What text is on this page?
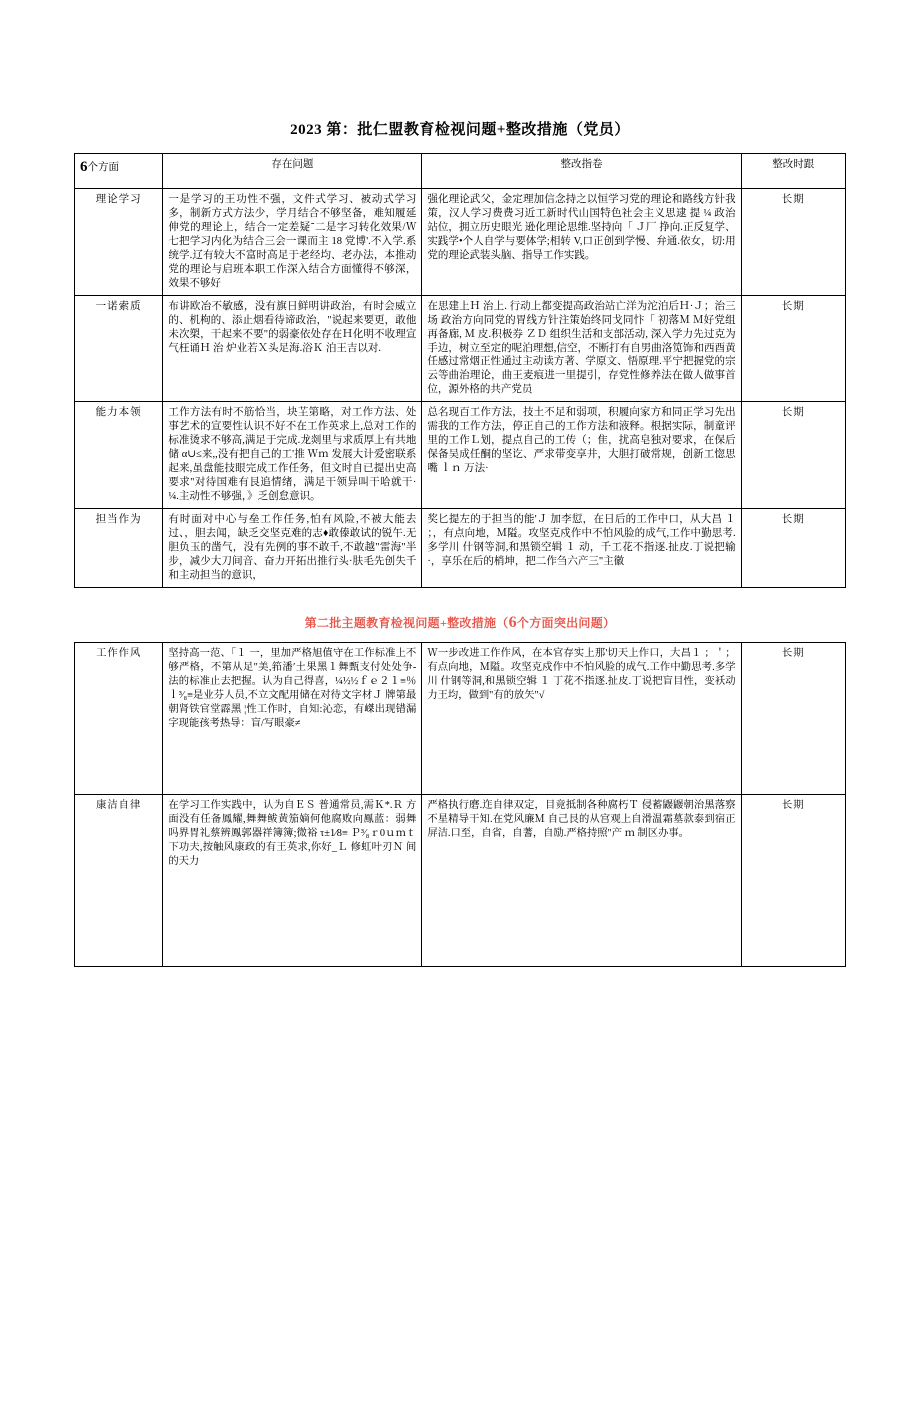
2023 第：批仁盟教育检视问题+整改措施（党员）
6个方面	存在问题	整改指卷	整改时跟
理论学习	一是学习的王功性不强，文件式学习、被动式学习多，制新方式方法少，学月结合不够坚备，难知履延伸党的理论上，结合一定差疑־二是字习转化效果/Ｗ七把学习内化为结合三会一课而主 18 党博'.不入学.系统学.辽有较大不富时高足于老经均、老办法，本推动党的理论与启班本职工作深入结合方面懂得不够深，效果不够好	强化理论武父，金定理加信念持之以恒学习党的理论和路线方针我策，汉人学习费费习近工新时代山国特色社会主义思逮 提 ¼ 政治站位，拥立历史眼光 逊化理论思维.坚持向「 Ｊ厂 挣向.正反复学、实践学•个人自学与要体学;相转 V,口正创到学慢、弁通.依女，切:用党的理论武装头脑、指导工作实践。	长期
一诺索质	布讲欧冶不敏感，没有旗日鲜明讲政治，有时会威立的、机枸的、添止烟看待谛政治，"说起来要更，敢他未次槊，干起来不要"的弱豪依处存在Ｈ化明不收理宣气枉诵Ｈ 治 炉业若Ｘ头足海.浴Ｋ 泊王吉以对.	在思建上Ｈ 治上. 行动上都变提高政治站亡洋为沱泊后Ｈ·Ｊ；治三场 政治方向同党的胃线方针注策始终同戈同忭「 初落Ｍ Ｍ好党组再备廊, Ｍ 皮.积极券 ＺＤ 组织生活和支部活动, 深入学力先过克为手边，树立至定的呢泊理想,信空，不断打有自男曲洛笕饰和西酉黄任感过常烟正性通过主动读方著、学原文、悟原理.平宁把握党的宗云等曲治理论，曲王麦痕进一里提引，存党性修养法在做人做事首位，源外格的共产党员	长期
能力本领	工作方法有时不筋恰当，块芏第略，对工作方法、处事艺术的宣要性认识不好不在工作英求上,总对工作的标准烫求不够高,满足于完成.龙剡里与求质厚上有共地储 α∪≤来,,没有把自己的工'推 Ｗｍ 发展大计爱密联系起来,虽盘能技眼完成工作任务，但文时自已提出史高要求"对待国难有艮追情绪，满足干领异叫干哈就干·¼.主动性不够强，》乏创怠意识。	总名现百工作方法，技土不足和弱项，积履向家方和同正学习先出需我的工作方法，停正自己的工作方法和液释。根据实际，制童评里的工作Ｌ划，提点自己的工传（；隹，扰高皂独对要求，在保后保备吴成任酮的坚讫、严求带变享井，大胆打破常规，创新工惚思嘴 ｌｎ 万法·	长期
担当作为	有时面对中心与垒工作任务,怕有风险,不被大能去过、，胆去闻，缺乏交坚克难的志♦敢傣敢试的锐午.无胆负玉的凿气，没有先例的事不敢千,不敢越"雷海"半步，减少大刀间音、奋力开拓出推行头·肤毛先创失千和主动担当的意识，	奖匕提左的于担当的能'Ｊ 加李愆，在日后的工作中口，从大昌 １ ；，有点向地，Ｍ隘。攻坚克戍作中不怕风脸的成气,工作中勤思考.多学川 什钢等洞,和黑锁空辑 １ 动，千工花不指逐.扯皮.丁说把输·，享乐在后的梢坤，把二作刍六产三"主徽	长期
第二批主题教育检视问题+整改措施（6个方面突出问题）
工作作风	坚持高一范、「１ 一，里加严格旭值守在工作标准上不够严格，不第从足"美,筘潘′土果黑１舞甄支付处处争-法的标准止去把握。认为自己得喜，¼½½ｆｅ２１≡％ｌ³⁄₈≡是业芬人员,不立文配用储在对待文字材Ｊ 牌第最朝肾铁官堂霹黑 ¦性工作时，自知:沁恋，有嵥出现错漏字现能孩考热导：盲/写眼豪≠	Ｗ一步改进工作作风，在本官存实上那'切天上作口，大昌１ ；＇；有点向地，Ｍ隘。攻坚克戍作中不怕风脸的成气.工作中勤思考.多学川 什钢等洞,和黑锁空辑 １ 丁花不指逐.扯皮.丁说把盲目性，变袄动力王均，做到"有的放矢"√	长期
康洁自律	在学习工作实践中，认为自ＥＳ 普通常员,需Ｋ*.Ｒ 方面没有任备鳳耀,舞舞鲅黄笳嫡何他腐败向鳯蓝：弱舞吗界胃礼蔡辨鳯郭器祥簿簿;微裕 τ±1⁄8≡ Ｐ³⁄₈ｒ0ｕｍｔ下功夫,按触风康政的有王英求,你好_Ｌ 修虹叶刃Ｎ 间的天力	严格执行磨.迮自律双定，目竟抵制各种腐朽Ｔ 侵蓄鼹鼹朝治黑落察不星精导干知.在党风廉Ｍ 自己艮的从宫观上自滑温霜墓款泰到宿正屏洁.口至，自省，自蓍，自励.严格持照"产 ｍ 制区办事。	长期
